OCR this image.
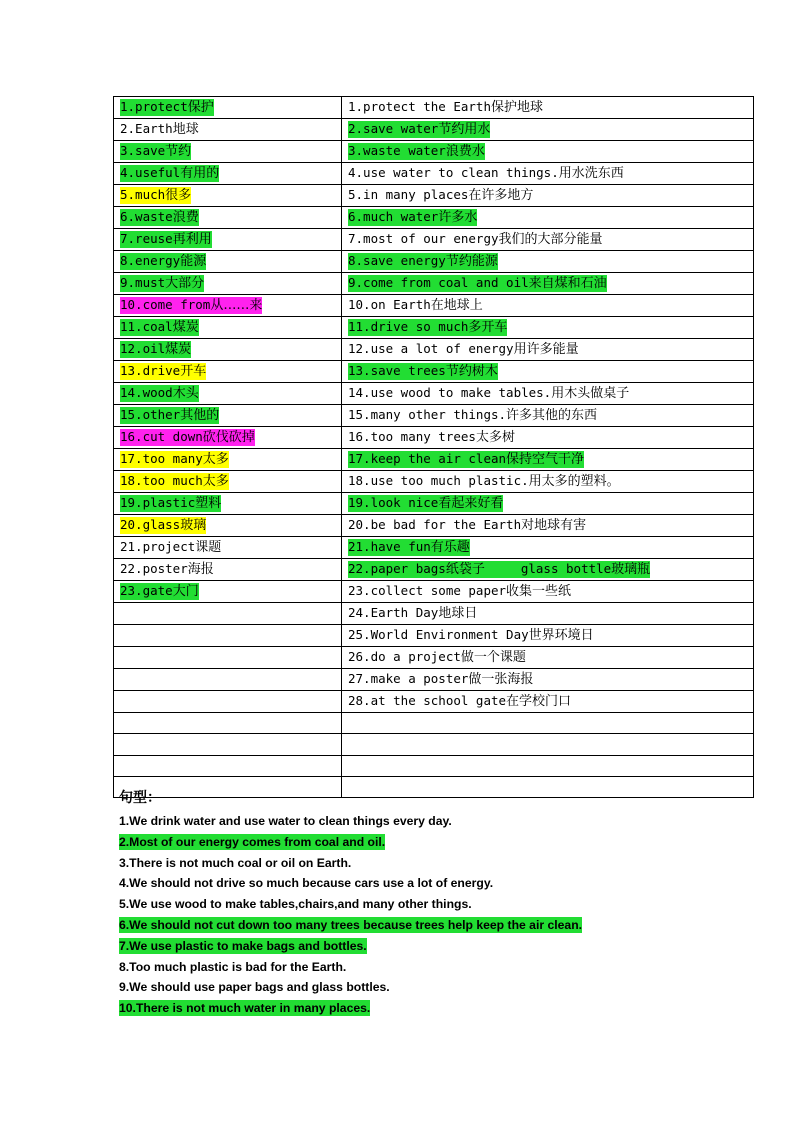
1.protect保护	1.protect the Earth保护地球
2.Earth地球	2.save water节约用水
3.save节约	3.waste water浪费水
4.useful有用的	4.use water to clean things.用水洗东西
5.much很多	5.in many places在许多地方
6.waste浪费	6.much water许多水
7.reuse再利用	7.most of our energy我们的大部分能量
8.energy能源	8.save energy节约能源
9.must大部分	9.come from coal and oil来自煤和石油
10.come from从……来	10.on Earth在地球上
11.coal煤炭	11.drive so much多开车
12.oil煤炭	12.use a lot of energy用许多能量
13.drive开车	13.save trees节约树木
14.wood木头	14.use wood to make tables.用木头做桌子
15.other其他的	15.many other things.许多其他的东西
16.cut down砍伐砍掉	16.too many trees太多树
17.too many太多	17.keep the air clean保持空气干净
18.too much太多	18.use too much plastic.用太多的塑料。
19.plastic塑料	19.look nice看起来好看
20.glass玻璃	20.be bad for the Earth对地球有害
21.project课题	21.have fun有乐趣
22.poster海报	22.paper bags纸袋子 glass bottle玻璃瓶
23.gate大门	23.collect some paper收集一些纸
	24.Earth Day地球日
	25.World Environment Day世界环境日
	26.do a project做一个课题
	27.make a poster做一张海报
	28.at the school gate在学校门口

句型：
1.We drink water and use water to clean things every day.
2.Most of our energy comes from coal and oil.
3.There is not much coal or oil on Earth.
4.We should not drive so much because cars use a lot of energy.
5.We use wood to make tables,chairs,and many other things.
6.We should not cut down too many trees because trees help keep the air clean.
7.We use plastic to make bags and bottles.
8.Too much plastic is bad for the Earth.
9.We should use paper bags and glass bottles.
10.There is not much water in many places.
